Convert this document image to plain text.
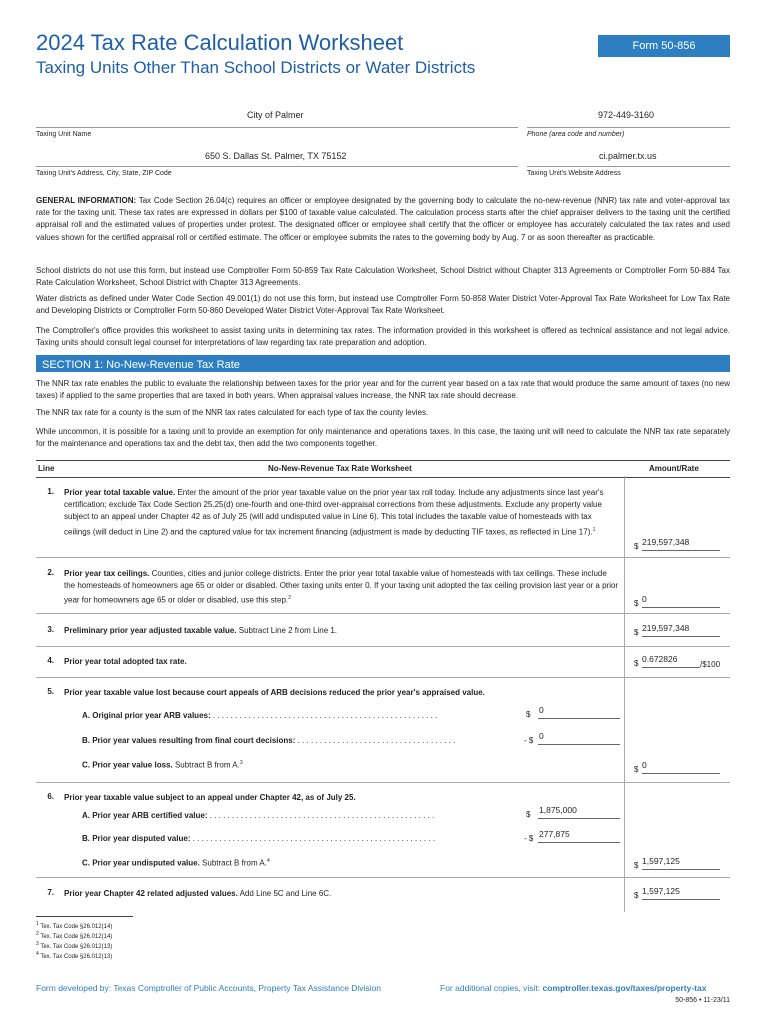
2024 Tax Rate Calculation Worksheet
Taxing Units Other Than School Districts or Water Districts
Form 50-856
City of Palmer
Taxing Unit Name
972-449-3160
Phone (area code and number)
650 S. Dallas St. Palmer, TX 75152
Taxing Unit's Address, City, State, ZIP Code
ci.palmer.tx.us
Taxing Unit's Website Address
GENERAL INFORMATION: Tax Code Section 26.04(c) requires an officer or employee designated by the governing body to calculate the no-new-revenue (NNR) tax rate and voter-approval tax rate for the taxing unit. These tax rates are expressed in dollars per $100 of taxable value calculated. The calculation process starts after the chief appraiser delivers to the taxing unit the certified appraisal roll and the estimated values of properties under protest. The designated officer or employee shall certify that the officer or employee has accurately calculated the tax rates and used values shown for the certified appraisal roll or certified estimate. The officer or employee submits the rates to the governing body by Aug. 7 or as soon thereafter as practicable.
School districts do not use this form, but instead use Comptroller Form 50-859 Tax Rate Calculation Worksheet, School District without Chapter 313 Agreements or Comptroller Form 50-884 Tax Rate Calculation Worksheet, School District with Chapter 313 Agreements.
Water districts as defined under Water Code Section 49.001(1) do not use this form, but instead use Comptroller Form 50-858 Water District Voter-Approval Tax Rate Worksheet for Low Tax Rate and Developing Districts or Comptroller Form 50-860 Developed Water District Voter-Approval Tax Rate Worksheet.
The Comptroller's office provides this worksheet to assist taxing units in determining tax rates. The information provided in this worksheet is offered as technical assistance and not legal advice. Taxing units should consult legal counsel for interpretations of law regarding tax rate preparation and adoption.
SECTION 1: No-New-Revenue Tax Rate
The NNR tax rate enables the public to evaluate the relationship between taxes for the prior year and for the current year based on a tax rate that would produce the same amount of taxes (no new taxes) if applied to the same properties that are taxed in both years. When appraisal values increase, the NNR tax rate should decrease.
The NNR tax rate for a county is the sum of the NNR tax rates calculated for each type of tax the county levies.
While uncommon, it is possible for a taxing unit to provide an exemption for only maintenance and operations taxes. In this case, the taxing unit will need to calculate the NNR tax rate separately for the maintenance and operations tax and the debt tax, then add the two components together.
Line	No-New-Revenue Tax Rate Worksheet	Amount/Rate
1. Prior year total taxable value. Enter the amount of the prior year taxable value on the prior year tax roll today. Include any adjustments since last year's certification; exclude Tax Code Section 25.25(d) one-fourth and one-third over-appraisal corrections from these adjustments. Exclude any property value subject to an appeal under Chapter 42 as of July 25 (will add undisputed value in Line 6). This total includes the taxable value of homesteads with tax ceilings (will deduct in Line 2) and the captured value for tax increment financing (adjustment is made by deducting TIF taxes, as reflected in Line 17).$^1$
$ 219,597,348
2. Prior year tax ceilings. Counties, cities and junior college districts. Enter the prior year total taxable value of homesteads with tax ceilings. These include the homesteads of homeowners age 65 or older or disabled. Other taxing units enter 0. If your taxing unit adopted the tax ceiling provision last year or a prior year for homeowners age 65 or older or disabled, use this step.$^2$
$ 0
3. Preliminary prior year adjusted taxable value. Subtract Line 2 from Line 1.	$ 219,597,348
4. Prior year total adopted tax rate.	$ 0.672826
/$100
5. Prior year taxable value lost because court appeals of ARB decisions reduced the prior year's appraised value.
A. Original prior year ARB values: . . . . . . . . . . . . . . . . . . . . . . . . . . . . . . . . . . . . . . . . . . . . . . . . . . .	$ 0
B. Prior year values resulting from final court decisions: . . . . . . . . . . . . . . . . . . . . . . . . . . . . . . . . . . . .	- $ 0
C. Prior year value loss. Subtract B from A.$^3$
$ 0
6. Prior year taxable value subject to an appeal under Chapter 42, as of July 25.
A. Prior year ARB certified value: . . . . . . . . . . . . . . . . . . . . . . . . . . . . . . . . . . . . . . . . . . . . . . . . . . .	$ 1,875,000
B. Prior year disputed value: . . . . . . . . . . . . . . . . . . . . . . . . . . . . . . . . . . . . . . . . . . . . . . . . . . . . . . .	- $ 277,875
C. Prior year undisputed value. Subtract B from A.$^4$	$ 1,597,125
7. Prior year Chapter 42 related adjusted values. Add Line 5C and Line 6C.	$ 1,597,125
$^1$ Tex. Tax Code §26.012(14)
$^2$ Tex. Tax Code §26.012(14)
$^3$ Tex. Tax Code §26.012(13)
$^4$ Tex. Tax Code §26.012(13)
Form developed by: Texas Comptroller of Public Accounts, Property Tax Assistance Division	For additional copies, visit: comptroller.texas.gov/taxes/property-tax
50-856 • 11-23/11
